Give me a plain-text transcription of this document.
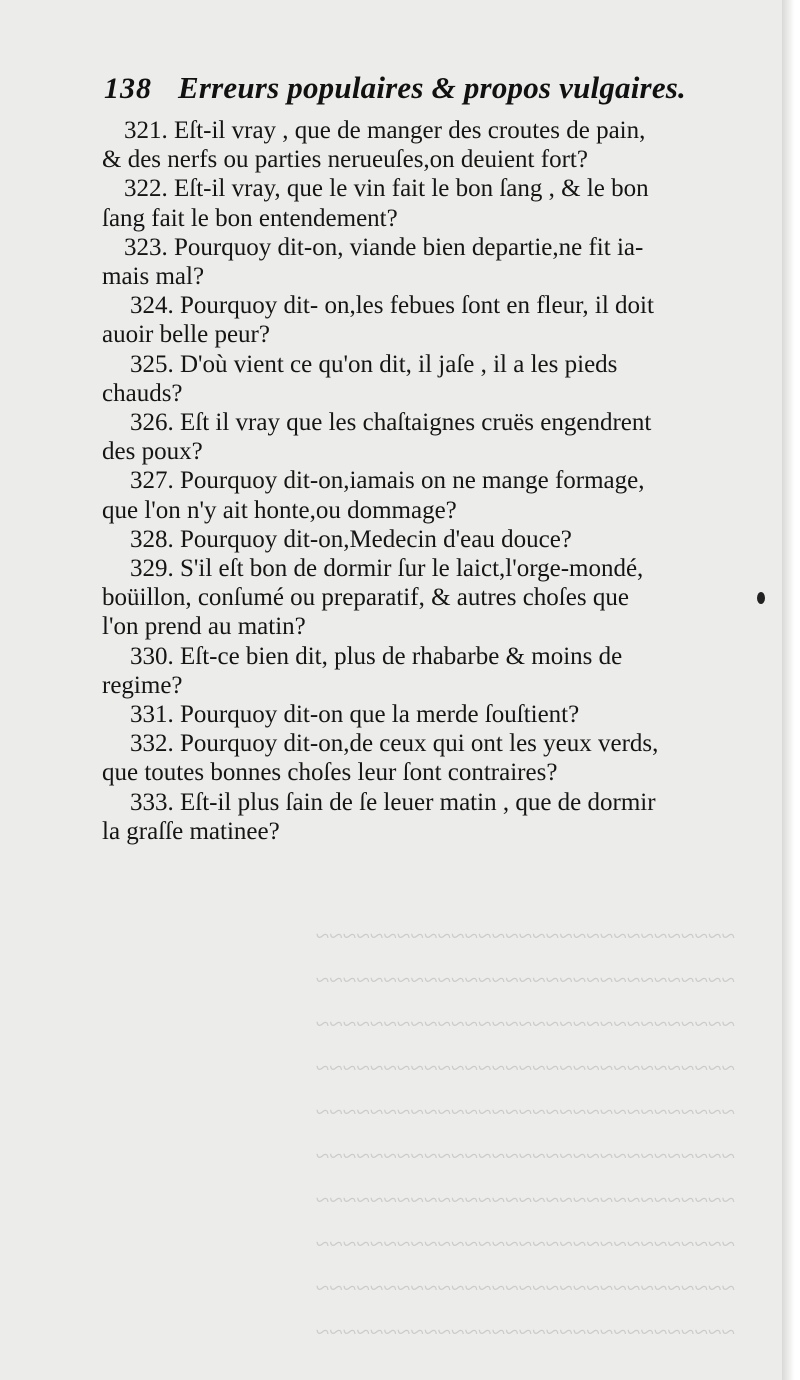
~~~~~~~~~~~~~~~~~~~~~~~~~~~~~~~
~~~~~~~~~~~~~~~~~~~~~~~~~~~~~~~
~~~~~~~~~~~~~~~~~~~~~~~~~~~~~~~
~~~~~~~~~~~~~~~~~~~~~~~~~~~~~~~
~~~~~~~~~~~~~~~~~~~~~~~~~~~~~~~
~~~~~~~~~~~~~~~~~~~~~~~~~~~~~~~
~~~~~~~~~~~~~~~~~~~~~~~~~~~~~~~
~~~~~~~~~~~~~~~~~~~~~~~~~~~~~~~
~~~~~~~~~~~~~~~~~~~~~~~~~~~~~~~
~~~~~~~~~~~~~~~~~~~~~~~~~~~~~~~
138 Erreurs populaires & propos vulgaires.
321. Eſt-il vray , que de manger des croutes de pain,
& des nerfs ou parties nerueuſes,on deuient fort?
322. Eſt-il vray, que le vin fait le bon ſang , & le bon
ſang fait le bon entendement?
323. Pourquoy dit-on, viande bien departie,ne fit ia-
mais mal?
324. Pourquoy dit- on,les febues ſont en fleur, il doit
auoir belle peur?
325. D'où vient ce qu'on dit, il jaſe , il a les pieds
chauds?
326. Eſt il vray que les chaſtaignes cruës engendrent
des poux?
327. Pourquoy dit-on,iamais on ne mange formage,
que l'on n'y ait honte,ou dommage?
328. Pourquoy dit-on,Medecin d'eau douce?
329. S'il eſt bon de dormir ſur le laict,l'orge-mondé,
boüillon, conſumé ou preparatif, & autres choſes que
l'on prend au matin?
330. Eſt-ce bien dit, plus de rhabarbe & moins de
regime?
331. Pourquoy dit-on que la merde ſouſtient?
332. Pourquoy dit-on,de ceux qui ont les yeux verds,
que toutes bonnes choſes leur ſont contraires?
333. Eſt-il plus ſain de ſe leuer matin , que de dormir
la graſſe matinee?
